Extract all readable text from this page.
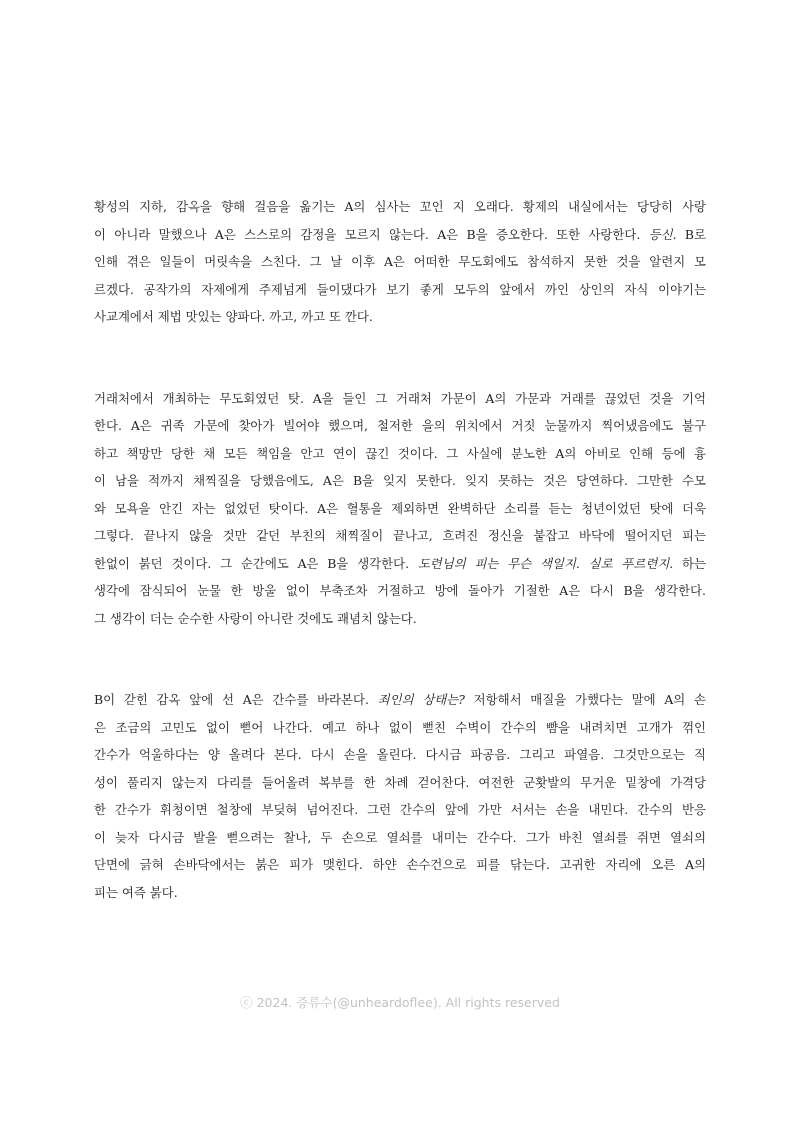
황성의 지하, 감옥을 향해 걸음을 옮기는 A의 심사는 꼬인 지 오래다. 황제의 내실에서는 당당히 사랑
이 아니라 말했으나 A은 스스로의 감정을 모르지 않는다. A은 B을 증오한다. 또한 사랑한다. 등신. B로
인해 겪은 일들이 머릿속을 스친다. 그 날 이후 A은 어떠한 무도회에도 참석하지 못한 것을 알련지 모
르겠다. 공작가의 자제에게 주제넘게 들이댔다가 보기 좋게 모두의 앞에서 까인 상인의 자식 이야기는
사교계에서 제법 맛있는 양파다. 까고, 까고 또 깐다.
거래처에서 개최하는 무도회였던 탓. A을 들인 그 거래처 가문이 A의 가문과 거래를 끊었던 것을 기억
한다. A은 귀족 가문에 찾아가 빌어야 했으며, 철저한 을의 위치에서 거짓 눈물까지 찍어냈음에도 불구
하고 책망만 당한 채 모든 책임을 안고 연이 끊긴 것이다. 그 사실에 분노한 A의 아비로 인해 등에 흉
이 남을 적까지 채찍질을 당했음에도, A은 B을 잊지 못한다. 잊지 못하는 것은 당연하다. 그만한 수모
와 모욕을 안긴 자는 없었던 탓이다. A은 혈통을 제외하면 완벽하단 소리를 듣는 청년이었던 탓에 더욱
그렇다. 끝나지 않을 것만 같던 부친의 채찍질이 끝나고, 흐려진 정신을 붙잡고 바닥에 떨어지던 피는
한없이 붉던 것이다. 그 순간에도 A은 B을 생각한다. 도련님의 피는 무슨 색일지. 실로 푸르련지. 하는
생각에 잠식되어 눈물 한 방울 없이 부축조차 거절하고 방에 돌아가 기절한 A은 다시 B을 생각한다.
그 생각이 더는 순수한 사랑이 아니란 것에도 괘념치 않는다.
B이 갇힌 감옥 앞에 선 A은 간수를 바라본다. 죄인의 상태는? 저항해서 매질을 가했다는 말에 A의 손
은 조금의 고민도 없이 뻗어 나간다. 예고 하나 없이 뻗친 수벽이 간수의 뺨을 내려치면 고개가 꺾인
간수가 억울하다는 양 올려다 본다. 다시 손을 올린다. 다시금 파공음. 그리고 파열음. 그것만으로는 직
성이 풀리지 않는지 다리를 들어올려 복부를 한 차례 걷어찬다. 여전한 군홧발의 무거운 밑창에 가격당
한 간수가 휘청이면 철창에 부딪혀 넘어진다. 그런 간수의 앞에 가만 서서는 손을 내민다. 간수의 반응
이 늦자 다시금 발을 뻗으려는 찰나, 두 손으로 열쇠를 내미는 간수다. 그가 바친 열쇠를 쥐면 열쇠의
단면에 긁혀 손바닥에서는 붉은 피가 맺힌다. 하얀 손수건으로 피를 닦는다. 고귀한 자리에 오른 A의
피는 여즉 붉다.
ⓒ 2024. 증류수(@unheardoflee). All rights reserved
